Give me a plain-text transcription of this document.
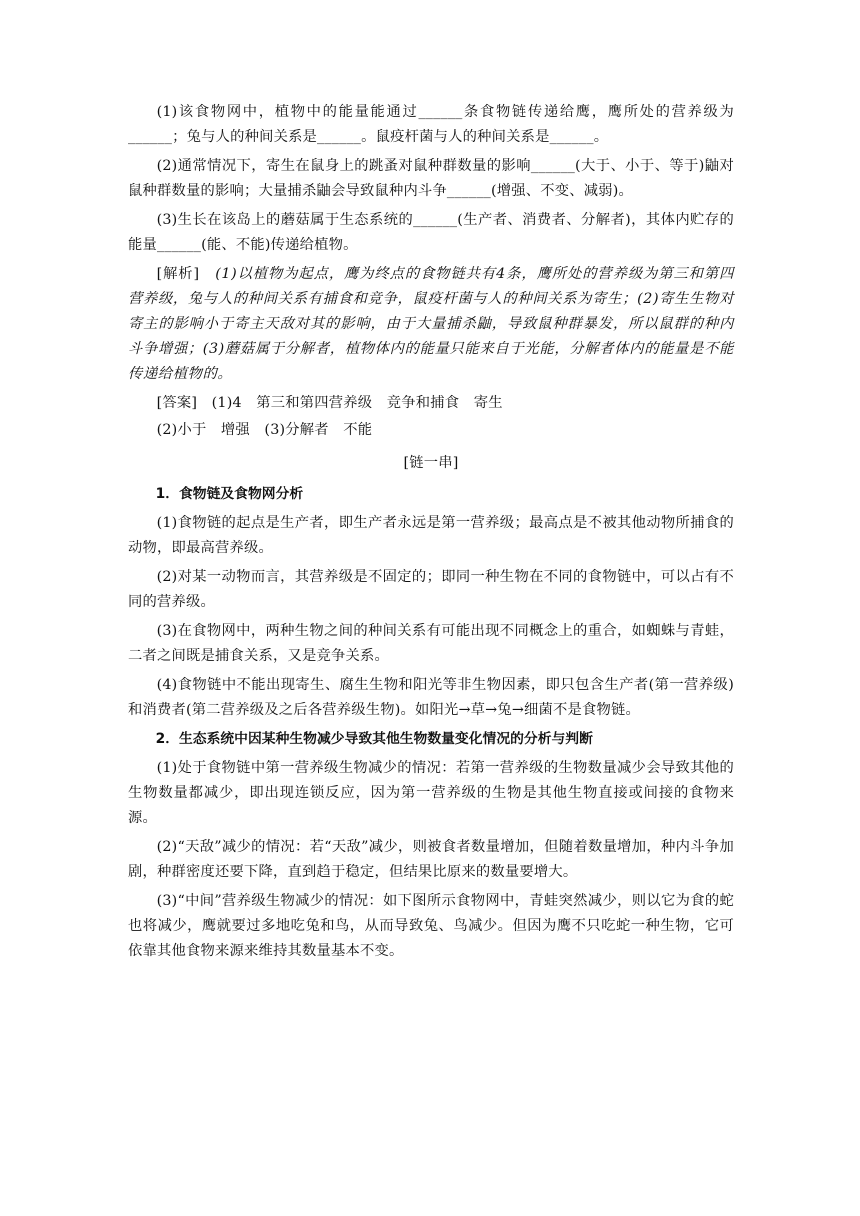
(1)该食物网中，植物中的能量能通过______条食物链传递给鹰，鹰所处的营养级为______；兔与人的种间关系是______。鼠疫杆菌与人的种间关系是______。

(2)通常情况下，寄生在鼠身上的跳蚤对鼠种群数量的影响______(大于、小于、等于)鼬对鼠种群数量的影响；大量捕杀鼬会导致鼠种内斗争______(增强、不变、减弱)。

(3)生长在该岛上的蘑菇属于生态系统的______(生产者、消费者、分解者)，其体内贮存的能量______(能、不能)传递给植物。

[解析]　(1)以植物为起点，鹰为终点的食物链共有4条，鹰所处的营养级为第三和第四营养级，兔与人的种间关系有捕食和竞争，鼠疫杆菌与人的种间关系为寄生；(2)寄生生物对寄主的影响小于寄主天敌对其的影响，由于大量捕杀鼬，导致鼠种群暴发，所以鼠群的种内斗争增强；(3)蘑菇属于分解者，植物体内的能量只能来自于光能，分解者体内的能量是不能传递给植物的。

[答案]　(1)4　第三和第四营养级　竞争和捕食　寄生

(2)小于　增强　(3)分解者　不能

[链一串]

1．食物链及食物网分析

(1)食物链的起点是生产者，即生产者永远是第一营养级；最高点是不被其他动物所捕食的动物，即最高营养级。

(2)对某一动物而言，其营养级是不固定的；即同一种生物在不同的食物链中，可以占有不同的营养级。

(3)在食物网中，两种生物之间的种间关系有可能出现不同概念上的重合，如蜘蛛与青蛙，二者之间既是捕食关系，又是竞争关系。

(4)食物链中不能出现寄生、腐生生物和阳光等非生物因素，即只包含生产者(第一营养级)和消费者(第二营养级及之后各营养级生物)。如阳光→草→兔→细菌不是食物链。

2．生态系统中因某种生物减少导致其他生物数量变化情况的分析与判断

(1)处于食物链中第一营养级生物减少的情况：若第一营养级的生物数量减少会导致其他的生物数量都减少，即出现连锁反应，因为第一营养级的生物是其他生物直接或间接的食物来源。

(2)“天敌”减少的情况：若“天敌”减少，则被食者数量增加，但随着数量增加，种内斗争加剧，种群密度还要下降，直到趋于稳定，但结果比原来的数量要增大。

(3)“中间”营养级生物减少的情况：如下图所示食物网中，青蛙突然减少，则以它为食的蛇也将减少，鹰就要过多地吃兔和鸟，从而导致兔、鸟减少。但因为鹰不只吃蛇一种生物，它可依靠其他食物来源来维持其数量基本不变。
